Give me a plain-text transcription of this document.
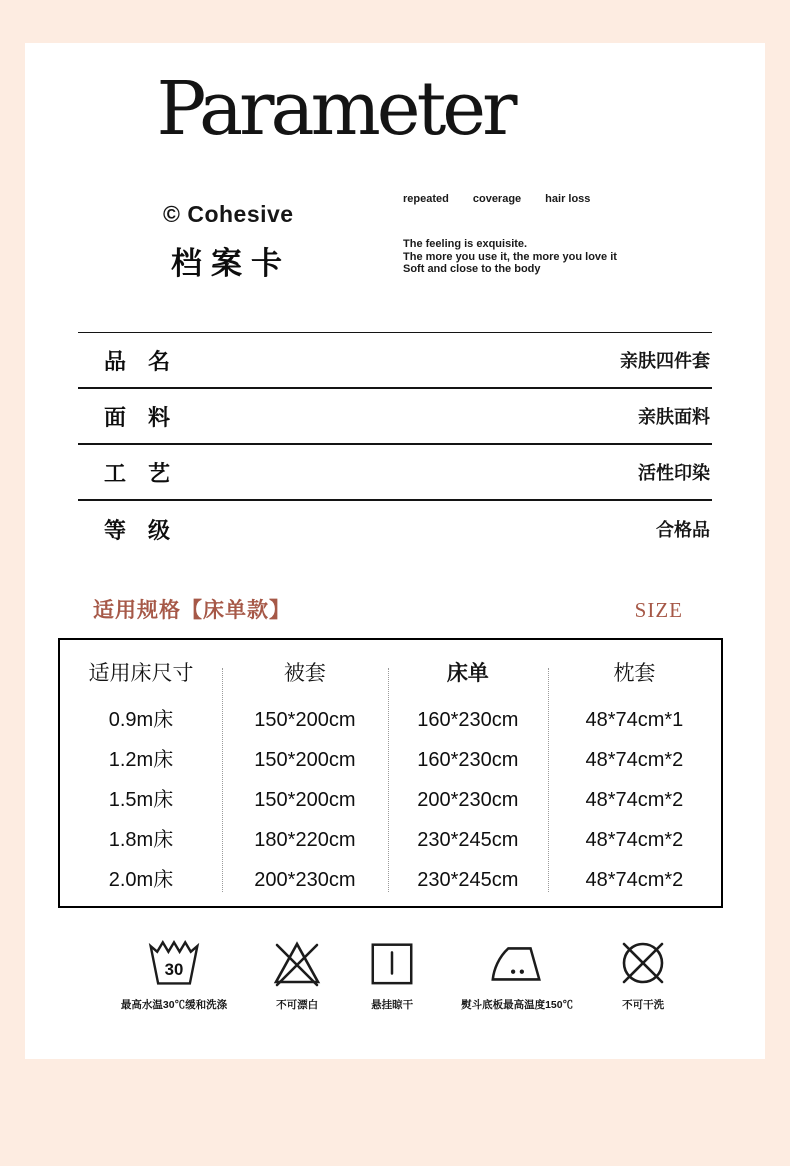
Parameter
© Cohesive
档案卡
repeated coverage hair loss
The feeling is exquisite.
The more you use it, the more you love it
Soft and close to the body
品　名	亲肤四件套
面　料	亲肤面料
工　艺	活性印染
等　级	合格品
适用规格【床单款】	SIZE
适用床尺寸	被套	床单	枕套
0.9m床	150*200cm	160*230cm	48*74cm*1
1.2m床	150*200cm	160*230cm	48*74cm*2
1.5m床	150*200cm	200*230cm	48*74cm*2
1.8m床	180*220cm	230*245cm	48*74cm*2
2.0m床	200*230cm	230*245cm	48*74cm*2
30
最高水温30℃缓和洗涤	不可漂白	悬挂晾干	熨斗底板最高温度150℃	不可干洗
